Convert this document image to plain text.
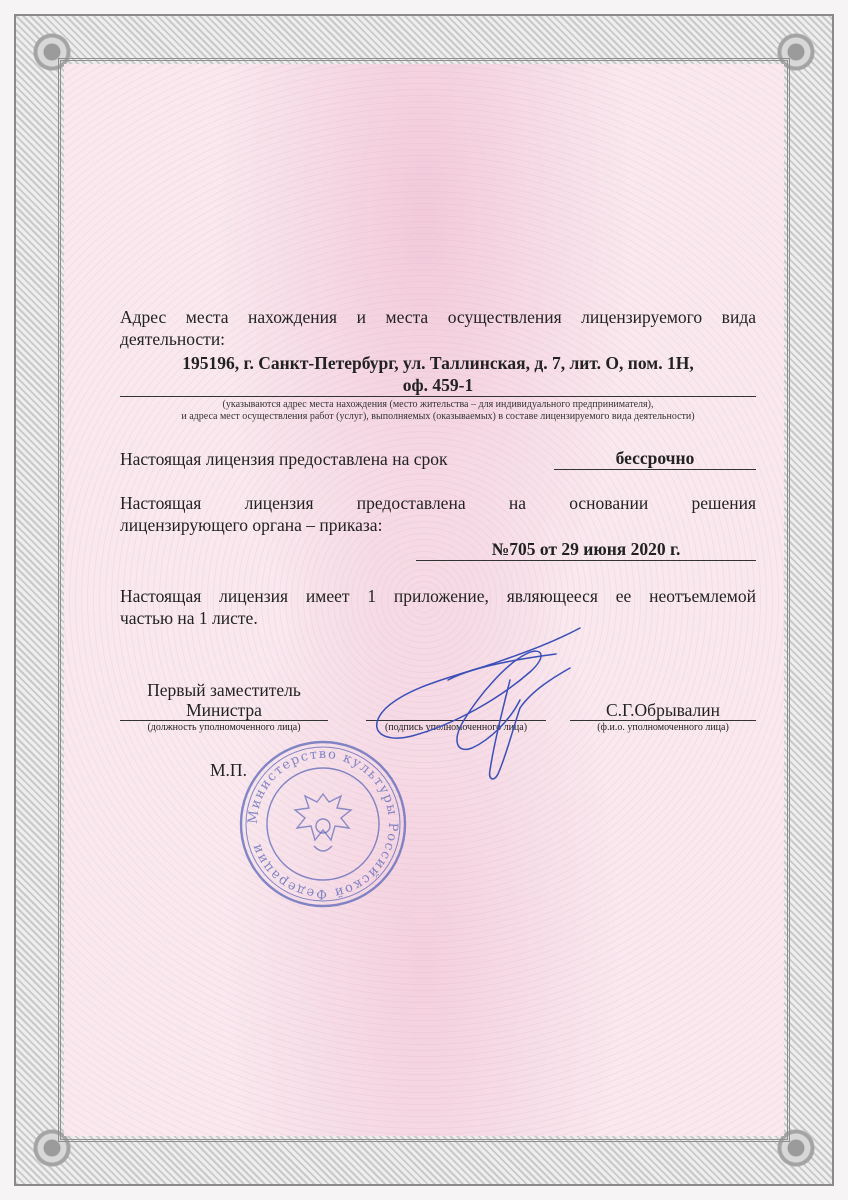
Адрес места нахождения и места осуществления лицензируемого вида
деятельности:
195196, г. Санкт-Петербург, ул. Таллинская, д. 7, лит. О, пом. 1Н,
оф. 459-1
(указываются адрес места нахождения (место жительства – для индивидуального предпринимателя),
и адреса мест осуществления работ (услуг), выполняемых (оказываемых) в составе лицензируемого вида деятельности)
Настоящая лицензия предоставлена на срок	бессрочно
Настоящая лицензия предоставлена на основании решения
лицензирующего органа – приказа:
№705 от 29 июня 2020 г.
Настоящая лицензия имеет 1 приложение, являющееся ее неотъемлемой
частью на 1 листе.
Первый заместитель
Министра
(должность уполномоченного лица)	(подпись уполномоченного лица)
С.Г.Обрывалин
(ф.и.о. уполномоченного лица)
М.П.
Министерство культуры Российской Федерации
